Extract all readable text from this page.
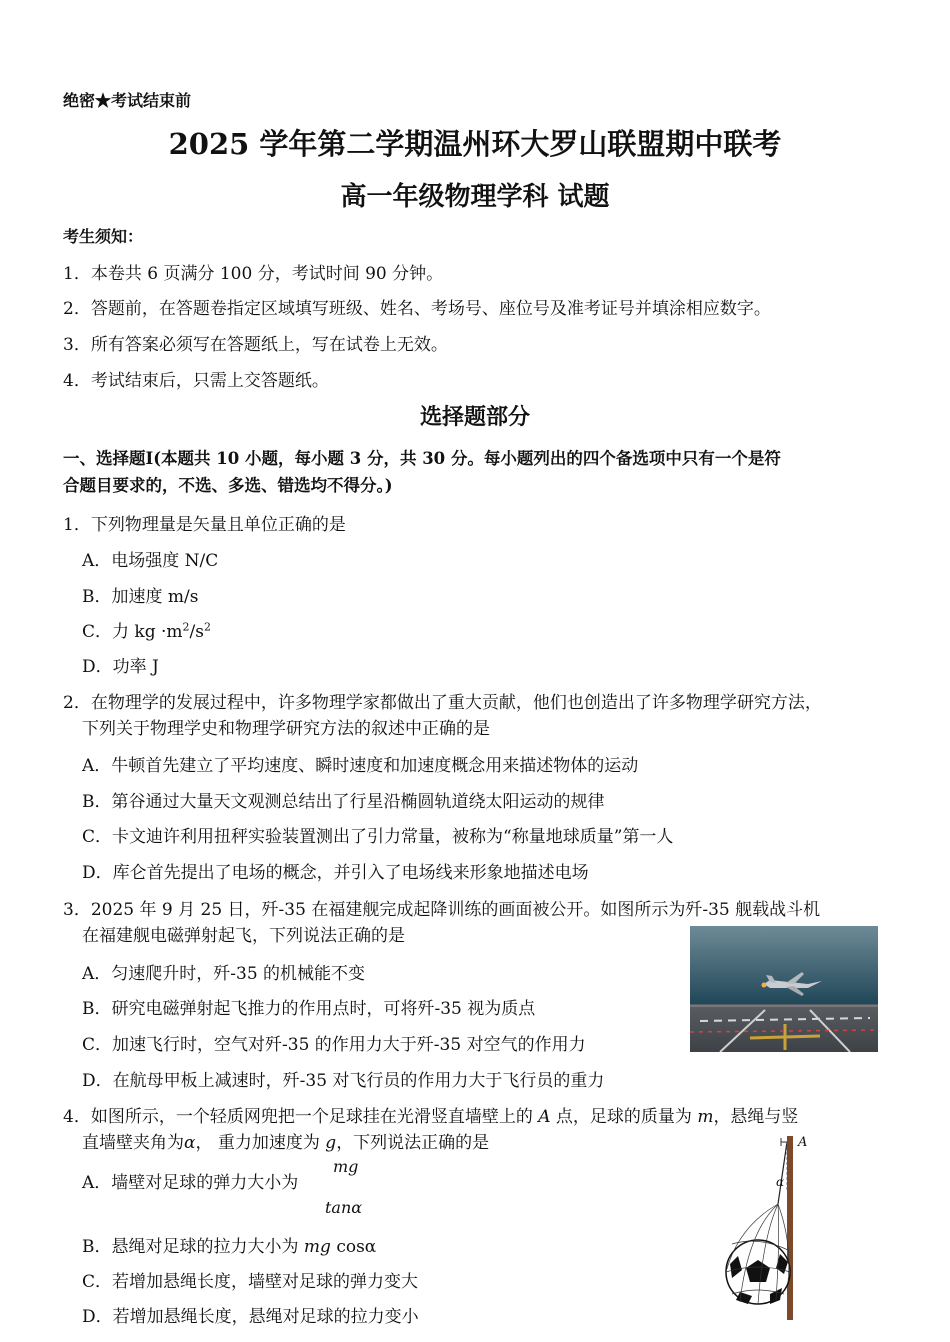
绝密★考试结束前
2025 学年第二学期温州环大罗山联盟期中联考
高一年级物理学科 试题
考生须知：
1．本卷共 6 页满分 100 分，考试时间 90 分钟。
2．答题前，在答题卷指定区域填写班级、姓名、考场号、座位号及准考证号并填涂相应数字。
3．所有答案必须写在答题纸上，写在试卷上无效。
4．考试结束后，只需上交答题纸。
选择题部分
一、选择题Ⅰ(本题共 10 小题，每小题 3 分，共 30 分。每小题列出的四个备选项中只有一个是符
合题目要求的，不选、多选、错选均不得分。)
1．下列物理量是矢量且单位正确的是
A．电场强度 N/C
B．加速度 m/s
C．力 kg $\cdot m^2/s^2$
D．功率 J
2．在物理学的发展过程中，许多物理学家都做出了重大贡献，他们也创造出了许多物理学研究方法，
下列关于物理学史和物理学研究方法的叙述中正确的是
A．牛顿首先建立了平均速度、瞬时速度和加速度概念用来描述物体的运动
B．第谷通过大量天文观测总结出了行星沿椭圆轨道绕太阳运动的规律
C．卡文迪许利用扭秤实验装置测出了引力常量，被称为“称量地球质量”第一人
D．库仑首先提出了电场的概念，并引入了电场线来形象地描述电场
3．2025 年 9 月 25 日，歼-35 在福建舰完成起降训练的画面被公开。如图所示为歼-35 舰载战斗机
在福建舰电磁弹射起飞，下列说法正确的是
A．匀速爬升时，歼-35 的机械能不变
B．研究电磁弹射起飞推力的作用点时，可将歼-35 视为质点
C．加速飞行时，空气对歼-35 的作用力大于歼-35 对空气的作用力
D．在航母甲板上减速时，歼-35 对飞行员的作用力大于飞行员的重力
4．如图所示，一个轻质网兜把一个足球挂在光滑竖直墙壁上的 A 点，足球的质量为 m，悬绳与竖
直墙壁夹角为α， 重力加速度为 g，下列说法正确的是
A．墙壁对足球的弹力大小为
mg
tanα
B．悬绳对足球的拉力大小为 mg cosα
C．若增加悬绳长度，墙壁对足球的弹力变大
D．若增加悬绳长度，悬绳对足球的拉力变小
A
α
